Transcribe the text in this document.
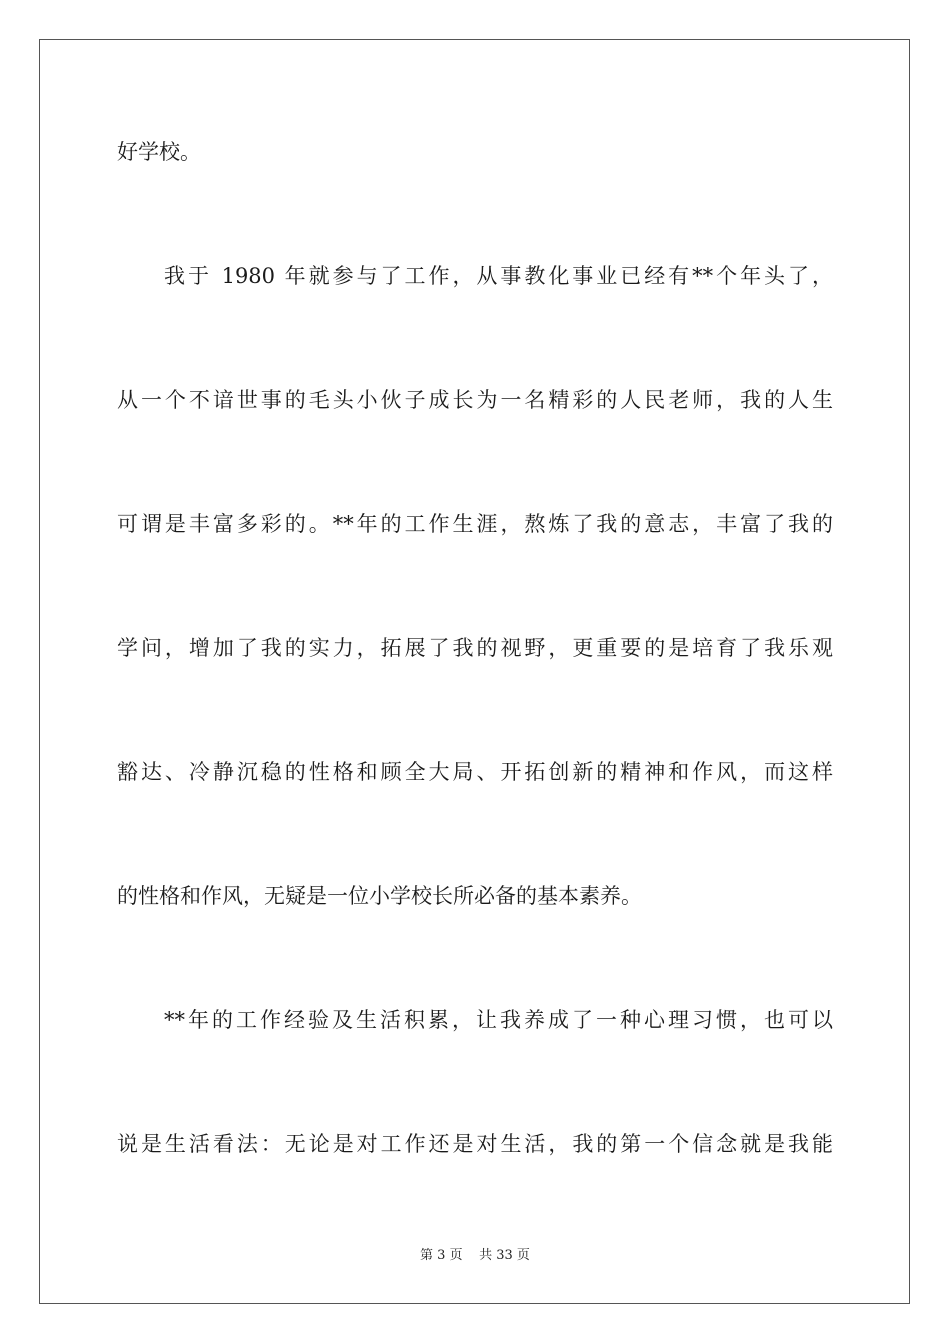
好学校。
我于 1980 年就参与了工作，从事教化事业已经有**个年头了，
从一个不谙世事的毛头小伙子成长为一名精彩的人民老师，我的人生
可谓是丰富多彩的。**年的工作生涯，熬炼了我的意志，丰富了我的
学问，增加了我的实力，拓展了我的视野，更重要的是培育了我乐观
豁达、冷静沉稳的性格和顾全大局、开拓创新的精神和作风，而这样
的性格和作风，无疑是一位小学校长所必备的基本素养。
**年的工作经验及生活积累，让我养成了一种心理习惯，也可以
说是生活看法：无论是对工作还是对生活，我的第一个信念就是我能
第 3 页 共 33 页
